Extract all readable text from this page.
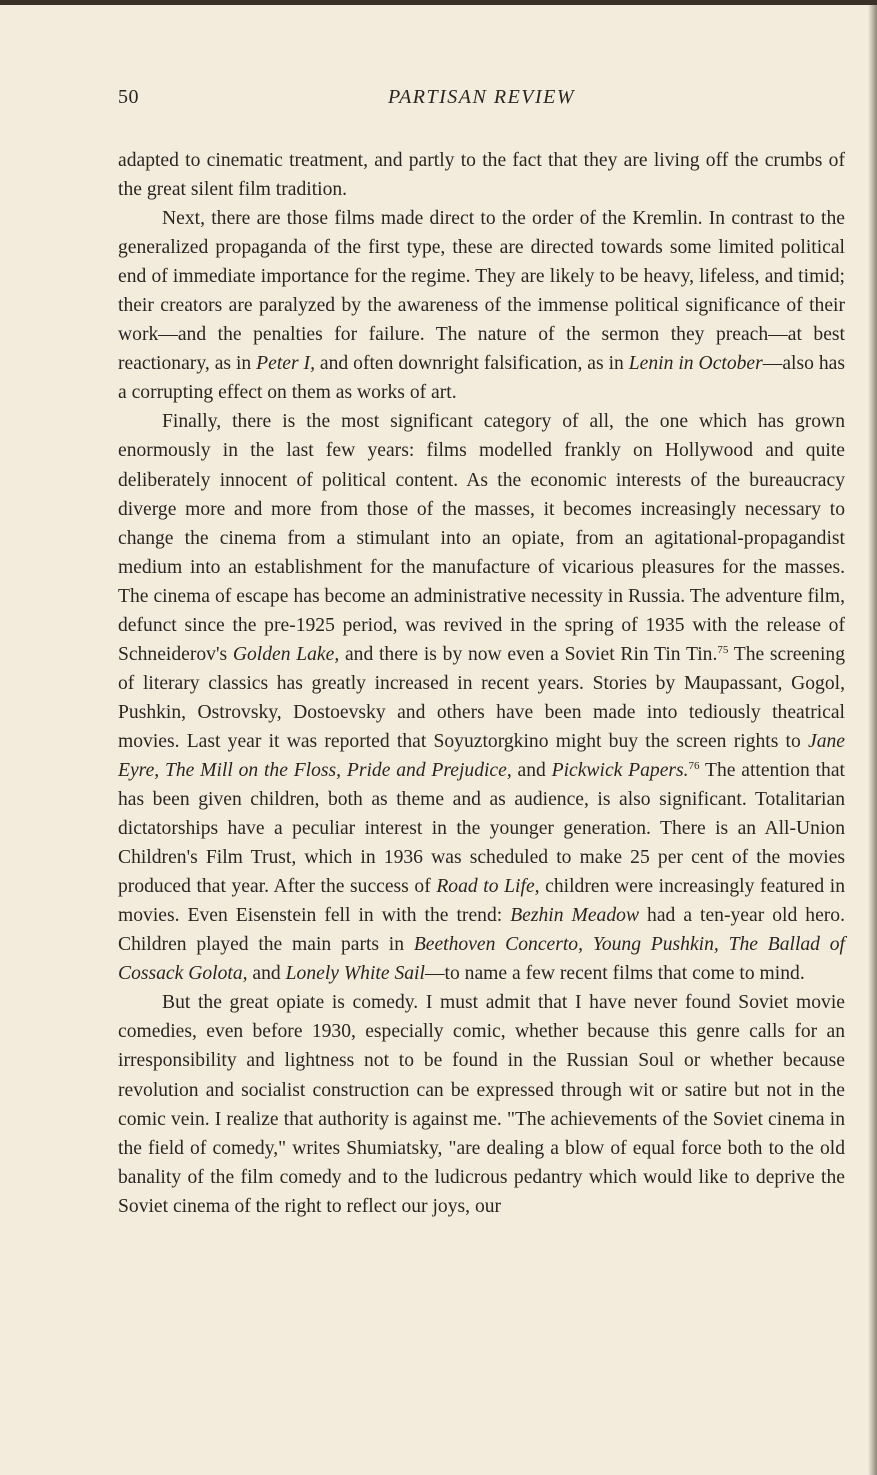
50	PARTISAN REVIEW

adapted to cinematic treatment, and partly to the fact that they are living off the crumbs of the great silent film tradition.

Next, there are those films made direct to the order of the Kremlin. In contrast to the generalized propaganda of the first type, these are directed towards some limited political end of immediate importance for the regime. They are likely to be heavy, lifeless, and timid; their creators are paralyzed by the awareness of the immense political significance of their work—and the penalties for failure. The nature of the sermon they preach—at best reactionary, as in Peter I, and often downright falsification, as in Lenin in October—also has a corrupting effect on them as works of art.

Finally, there is the most significant category of all, the one which has grown enormously in the last few years: films modelled frankly on Hollywood and quite deliberately innocent of political content. As the economic interests of the bureaucracy diverge more and more from those of the masses, it becomes increasingly necessary to change the cinema from a stimulant into an opiate, from an agitational-propagandist medium into an establishment for the manufacture of vicarious pleasures for the masses. The cinema of escape has become an administrative necessity in Russia. The adventure film, defunct since the pre-1925 period, was revived in the spring of 1935 with the release of Schneiderov's Golden Lake, and there is by now even a Soviet Rin Tin Tin.$^{75}$ The screening of literary classics has greatly increased in recent years. Stories by Maupassant, Gogol, Pushkin, Ostrovsky, Dostoevsky and others have been made into tediously theatrical movies. Last year it was reported that Soyuztorgkino might buy the screen rights to Jane Eyre, The Mill on the Floss, Pride and Prejudice, and Pickwick Papers.$^{76}$ The attention that has been given children, both as theme and as audience, is also significant. Totalitarian dictatorships have a peculiar interest in the younger generation. There is an All-Union Children's Film Trust, which in 1936 was scheduled to make 25 per cent of the movies produced that year. After the success of Road to Life, children were increasingly featured in movies. Even Eisenstein fell in with the trend: Bezhin Meadow had a ten-year old hero. Children played the main parts in Beethoven Concerto, Young Pushkin, The Ballad of Cossack Golota, and Lonely White Sail—to name a few recent films that come to mind.

But the great opiate is comedy. I must admit that I have never found Soviet movie comedies, even before 1930, especially comic, whether because this genre calls for an irresponsibility and lightness not to be found in the Russian Soul or whether because revolution and socialist construction can be expressed through wit or satire but not in the comic vein. I realize that authority is against me. "The achievements of the Soviet cinema in the field of comedy," writes Shumiatsky, "are dealing a blow of equal force both to the old banality of the film comedy and to the ludicrous pedantry which would like to deprive the Soviet cinema of the right to reflect our joys, our
